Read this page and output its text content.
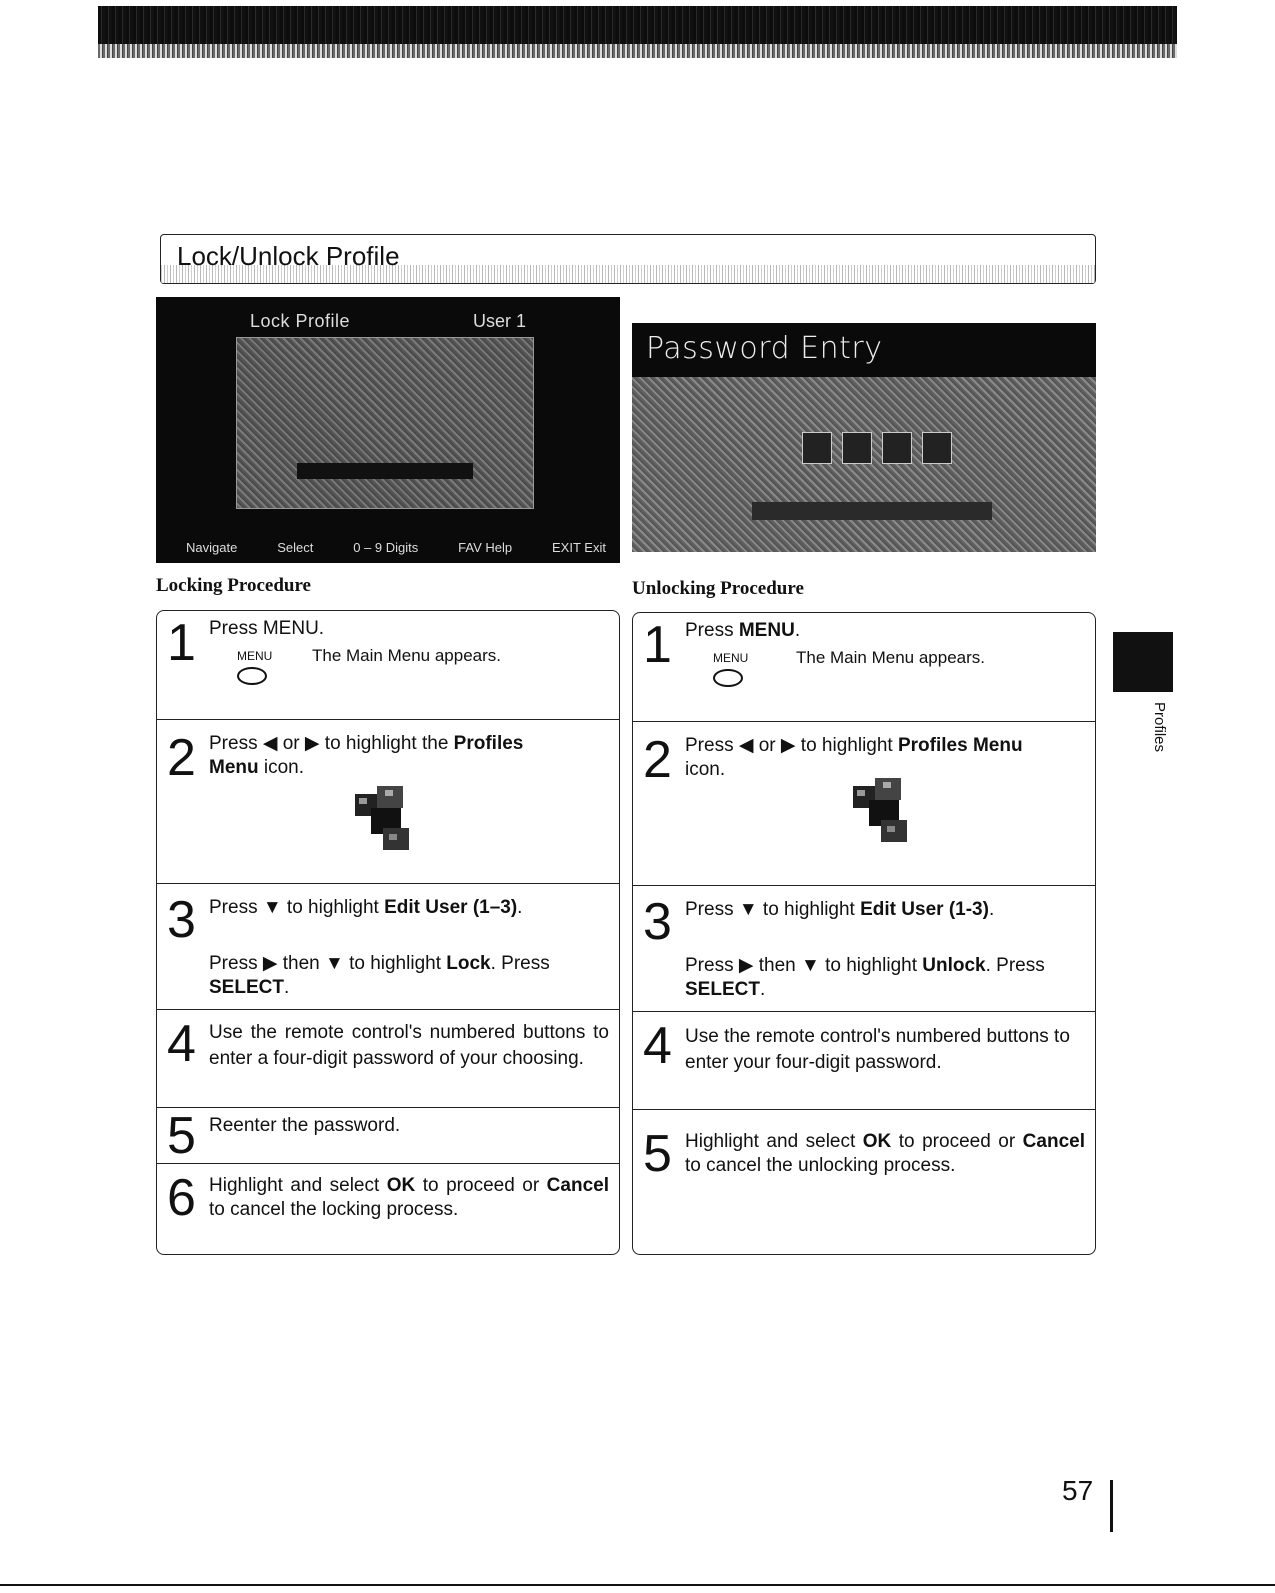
Lock/Unlock Profile
Lock Profile	User 1
Navigate	Select	0 – 9 Digits	FAV Help	EXIT Exit
Password Entry
Locking Procedure	Unlocking Procedure
1 Press MENU.
MENU The Main Menu appears.
2 Press ◀ or ▶ to highlight the Profiles Menu icon.
3 Press ▼ to highlight Edit User (1–3).
Press ▶ then ▼ to highlight Lock. Press SELECT.
4 Use the remote control's numbered buttons to enter a four-digit password of your choosing.
5 Reenter the password.
6 Highlight and select OK to proceed or Cancel to cancel the locking process.
1 Press MENU.
MENU	The Main Menu appears.
2 Press ◀ or ▶ to highlight Profiles Menu icon.
3 Press ▼ to highlight Edit User (1-3).
Press ▶ then ▼ to highlight Unlock. Press SELECT.
4 Use the remote control's numbered buttons to enter your four-digit password.
5 Highlight and select OK to proceed or Cancel to cancel the unlocking process.
Profiles
57
